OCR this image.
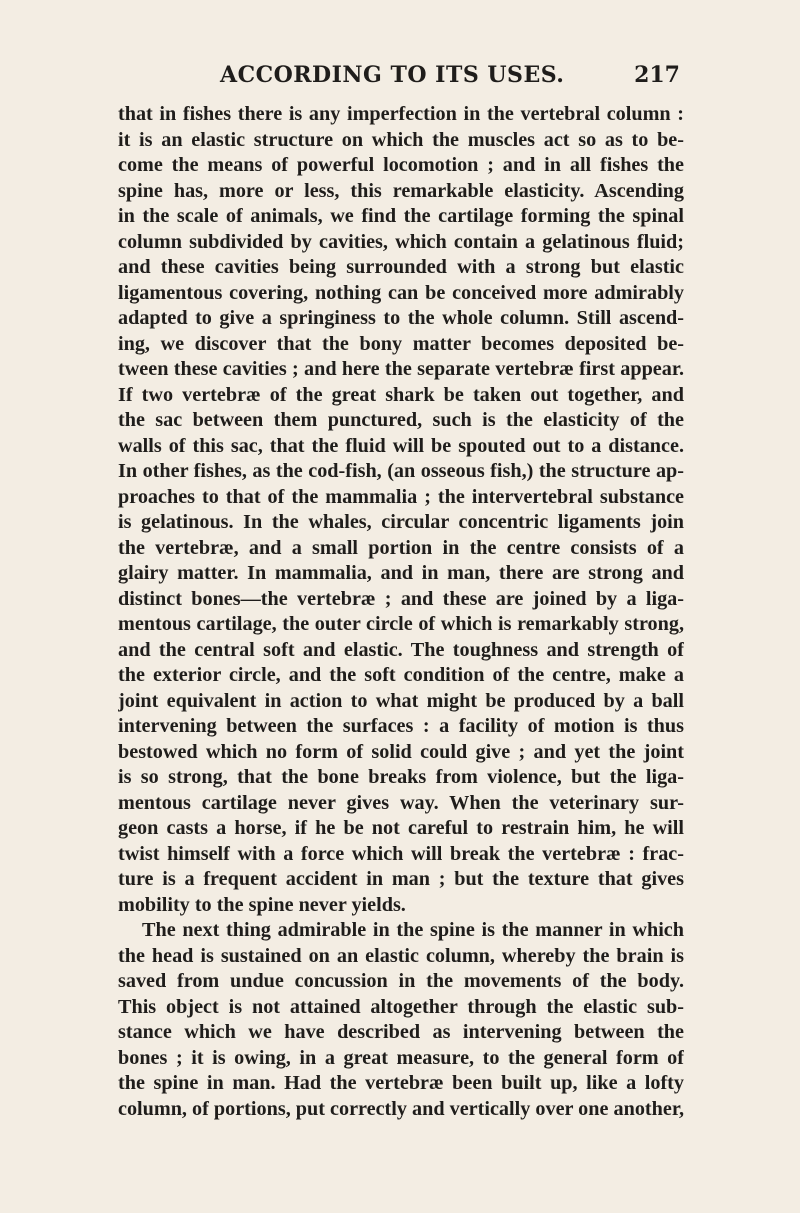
ACCORDING TO ITS USES.	217
that in fishes there is any imperfection in the vertebral column :
it is an elastic structure on which the muscles act so as to be-
come the means of powerful locomotion ; and in all fishes the
spine has, more or less, this remarkable elasticity. Ascending
in the scale of animals, we find the cartilage forming the spinal
column subdivided by cavities, which contain a gelatinous fluid;
and these cavities being surrounded with a strong but elastic
ligamentous covering, nothing can be conceived more admirably
adapted to give a springiness to the whole column. Still ascend-
ing, we discover that the bony matter becomes deposited be-
tween these cavities ; and here the separate vertebræ first appear.
If two vertebræ of the great shark be taken out together, and
the sac between them punctured, such is the elasticity of the
walls of this sac, that the fluid will be spouted out to a distance.
In other fishes, as the cod-fish, (an osseous fish,) the structure ap-
proaches to that of the mammalia ; the intervertebral substance
is gelatinous. In the whales, circular concentric ligaments join
the vertebræ, and a small portion in the centre consists of a
glairy matter. In mammalia, and in man, there are strong and
distinct bones—the vertebræ ; and these are joined by a liga-
mentous cartilage, the outer circle of which is remarkably strong,
and the central soft and elastic. The toughness and strength of
the exterior circle, and the soft condition of the centre, make a
joint equivalent in action to what might be produced by a ball
intervening between the surfaces : a facility of motion is thus
bestowed which no form of solid could give ; and yet the joint
is so strong, that the bone breaks from violence, but the liga-
mentous cartilage never gives way. When the veterinary sur-
geon casts a horse, if he be not careful to restrain him, he will
twist himself with a force which will break the vertebræ : frac-
ture is a frequent accident in man ; but the texture that gives
mobility to the spine never yields.
The next thing admirable in the spine is the manner in which
the head is sustained on an elastic column, whereby the brain is
saved from undue concussion in the movements of the body.
This object is not attained altogether through the elastic sub-
stance which we have described as intervening between the
bones ; it is owing, in a great measure, to the general form of
the spine in man. Had the vertebræ been built up, like a lofty
column, of portions, put correctly and vertically over one another,
